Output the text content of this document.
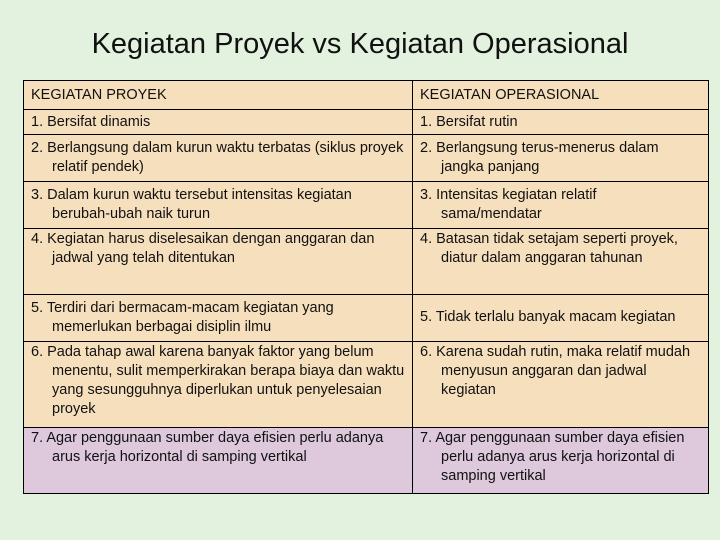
Kegiatan Proyek vs Kegiatan Operasional
KEGIATAN PROYEK	KEGIATAN OPERASIONAL

1. Bersifat dinamis	1. Bersifat rutin

2. Berlangsung dalam kurun waktu terbatas (siklus proyek relatif pendek)	2. Berlangsung terus-menerus dalam jangka panjang

3. Dalam kurun waktu tersebut intensitas kegiatan berubah-ubah naik turun	3. Intensitas kegiatan relatif sama/mendatar

4. Kegiatan harus diselesaikan dengan anggaran dan jadwal yang telah ditentukan	4. Batasan tidak setajam seperti proyek, diatur dalam anggaran tahunan

5. Terdiri dari bermacam-macam kegiatan yang memerlukan berbagai disiplin ilmu	5. Tidak terlalu banyak macam kegiatan

6. Pada tahap awal karena banyak faktor yang belum menentu, sulit memperkirakan berapa biaya dan waktu yang sesungguhnya diperlukan untuk penyelesaian proyek	6. Karena sudah rutin, maka relatif mudah menyusun anggaran dan jadwal kegiatan

7. Agar penggunaan sumber daya efisien perlu adanya arus kerja horizontal di samping vertikal	7. Agar penggunaan sumber daya efisien perlu adanya arus kerja horizontal di samping vertikal
